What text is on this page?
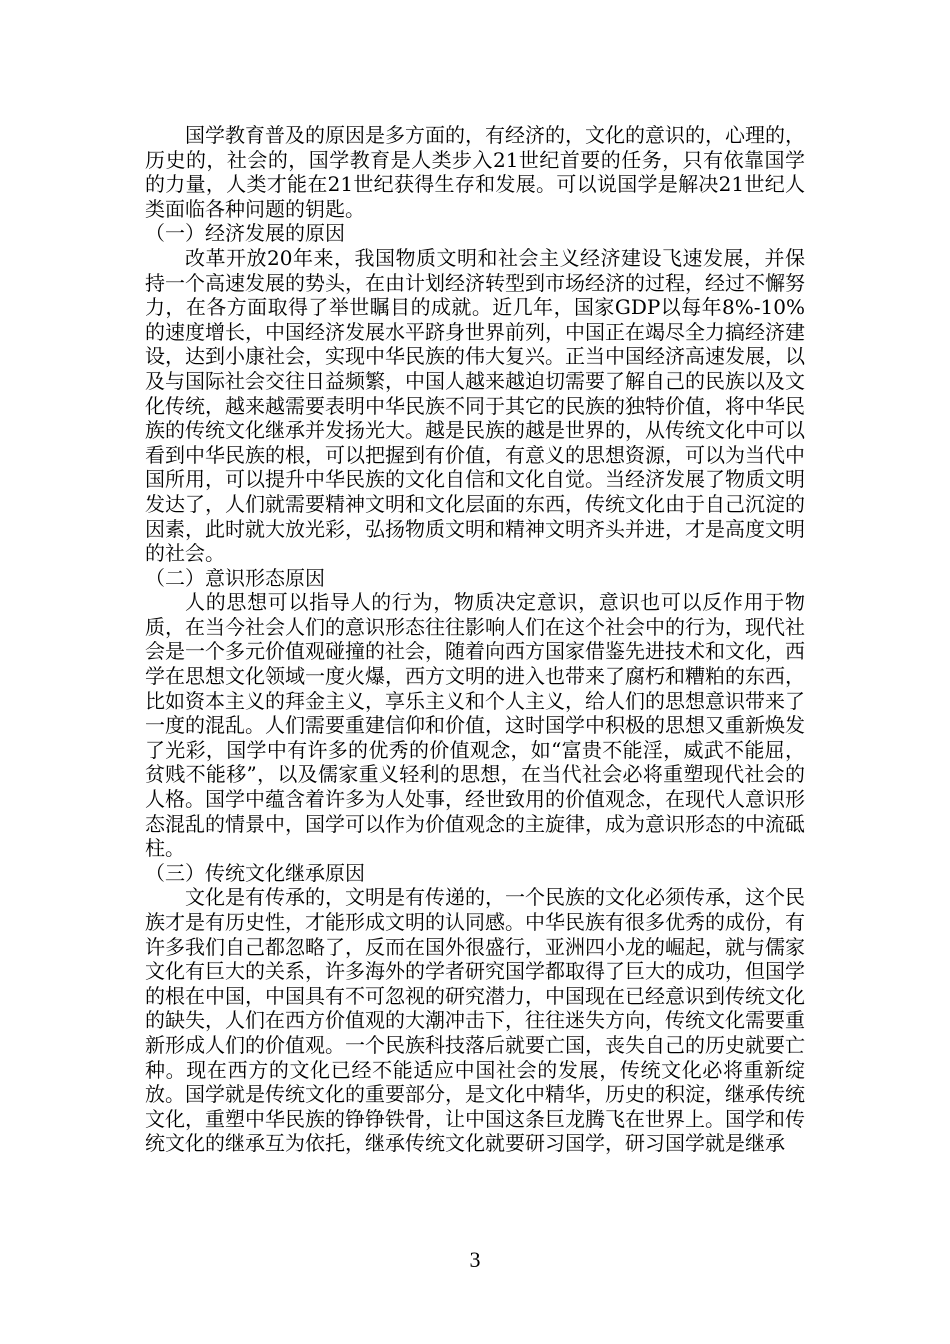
国学教育普及的原因是多方面的，有经济的，文化的意识的，心理的，历史的，社会的，国学教育是人类步入21世纪首要的任务，只有依靠国学的力量，人类才能在21世纪获得生存和发展。可以说国学是解决21世纪人类面临各种问题的钥匙。

（一）经济发展的原因

改革开放20年来，我国物质文明和社会主义经济建设飞速发展，并保持一个高速发展的势头，在由计划经济转型到市场经济的过程，经过不懈努力，在各方面取得了举世瞩目的成就。近几年，国家GDP以每年8%-10%的速度增长，中国经济发展水平跻身世界前列，中国正在竭尽全力搞经济建设，达到小康社会，实现中华民族的伟大复兴。正当中国经济高速发展，以及与国际社会交往日益频繁，中国人越来越迫切需要了解自己的民族以及文化传统，越来越需要表明中华民族不同于其它的民族的独特价值，将中华民族的传统文化继承并发扬光大。越是民族的越是世界的，从传统文化中可以看到中华民族的根，可以把握到有价值，有意义的思想资源，可以为当代中国所用，可以提升中华民族的文化自信和文化自觉。当经济发展了物质文明发达了，人们就需要精神文明和文化层面的东西，传统文化由于自己沉淀的因素，此时就大放光彩，弘扬物质文明和精神文明齐头并进，才是高度文明的社会。

（二）意识形态原因

人的思想可以指导人的行为，物质决定意识，意识也可以反作用于物质，在当今社会人们的意识形态往往影响人们在这个社会中的行为，现代社会是一个多元价值观碰撞的社会，随着向西方国家借鉴先进技术和文化，西学在思想文化领域一度火爆，西方文明的进入也带来了腐朽和糟粕的东西，比如资本主义的拜金主义，享乐主义和个人主义，给人们的思想意识带来了一度的混乱。人们需要重建信仰和价值，这时国学中积极的思想又重新焕发了光彩，国学中有许多的优秀的价值观念，如“富贵不能淫，威武不能屈，贫贱不能移”，以及儒家重义轻利的思想，在当代社会必将重塑现代社会的人格。国学中蕴含着许多为人处事，经世致用的价值观念，在现代人意识形态混乱的情景中，国学可以作为价值观念的主旋律，成为意识形态的中流砥柱。

（三）传统文化继承原因

文化是有传承的，文明是有传递的，一个民族的文化必须传承，这个民族才是有历史性，才能形成文明的认同感。中华民族有很多优秀的成份，有许多我们自己都忽略了，反而在国外很盛行，亚洲四小龙的崛起，就与儒家文化有巨大的关系，许多海外的学者研究国学都取得了巨大的成功，但国学的根在中国，中国具有不可忽视的研究潜力，中国现在已经意识到传统文化的缺失，人们在西方价值观的大潮冲击下，往往迷失方向，传统文化需要重新形成人们的价值观。一个民族科技落后就要亡国，丧失自己的历史就要亡种。现在西方的文化已经不能适应中国社会的发展，传统文化必将重新绽放。国学就是传统文化的重要部分，是文化中精华，历史的积淀，继承传统文化，重塑中华民族的铮铮铁骨，让中国这条巨龙腾飞在世界上。国学和传统文化的继承互为依托，继承传统文化就要研习国学，研习国学就是继承

3
